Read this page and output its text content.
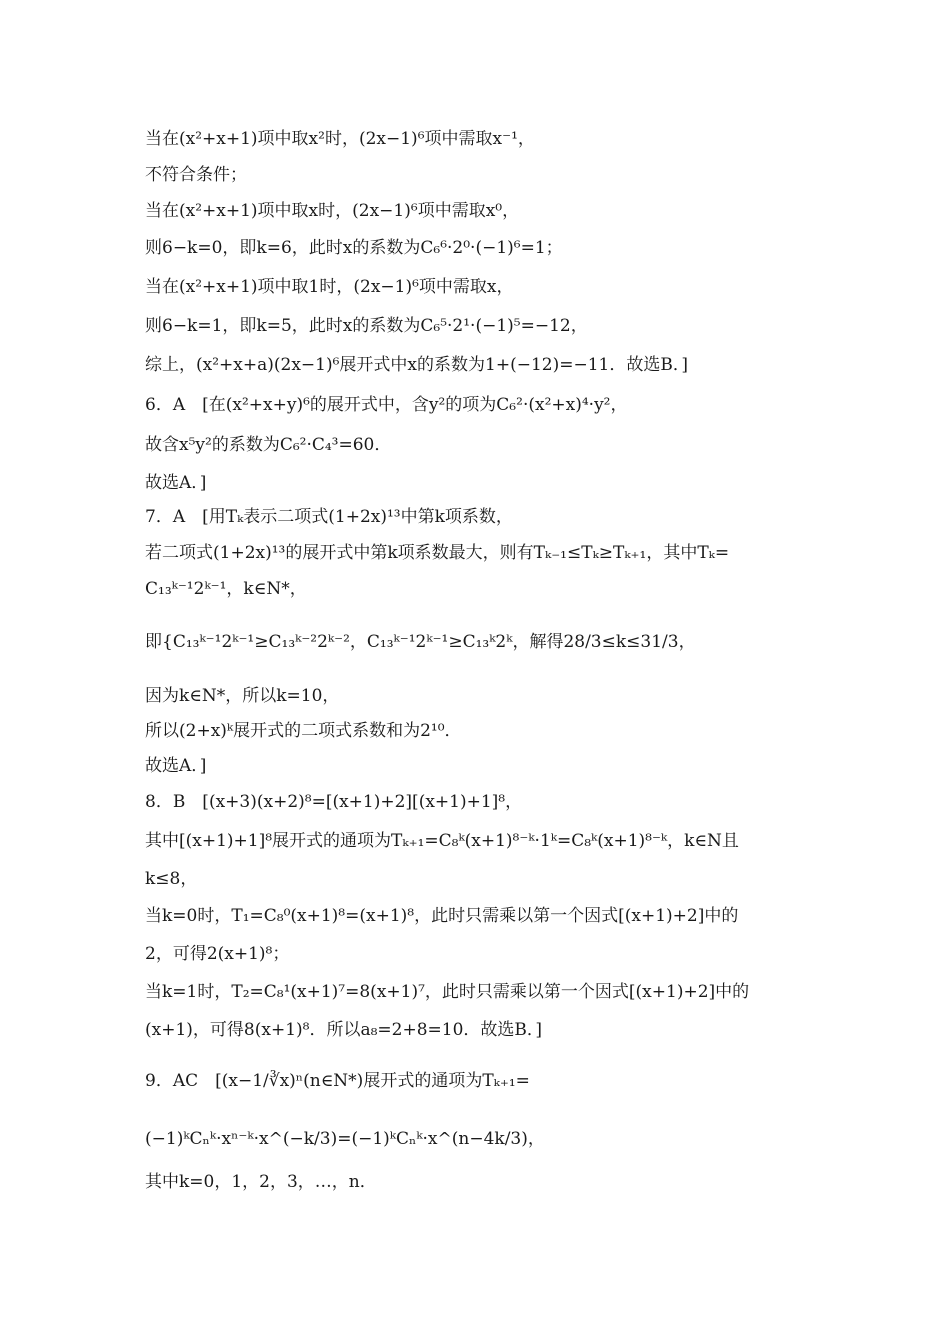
当在(x²+x+1)项中取x²时，(2x−1)⁶项中需取x⁻¹，
不符合条件；
当在(x²+x+1)项中取x时，(2x−1)⁶项中需取x⁰，
则6−k=0，即k=6，此时x的系数为C₆⁶·2⁰·(−1)⁶=1；
当在(x²+x+1)项中取1时，(2x−1)⁶项中需取x，
则6−k=1，即k=5，此时x的系数为C₆⁵·2¹·(−1)⁵=−12，
综上，(x²+x+a)(2x−1)⁶展开式中x的系数为1+(−12)=−11．故选B．]
6．A　[在(x²+x+y)⁶的展开式中，含y²的项为C₆²·(x²+x)⁴·y²，
故含x⁵y²的系数为C₆²·C₄³=60．
故选A．]
7．A　[用Tₖ表示二项式(1+2x)¹³中第k项系数，
若二项式(1+2x)¹³的展开式中第k项系数最大，则有Tₖ₋₁≤Tₖ≥Tₖ₊₁，其中Tₖ=
C₁₃ᵏ⁻¹2ᵏ⁻¹，k∈N*，
即{C₁₃ᵏ⁻¹2ᵏ⁻¹≥C₁₃ᵏ⁻²2ᵏ⁻²，C₁₃ᵏ⁻¹2ᵏ⁻¹≥C₁₃ᵏ2ᵏ，解得28/3≤k≤31/3，
因为k∈N*，所以k=10，
所以(2+x)ᵏ展开式的二项式系数和为2¹⁰．
故选A．]
8．B　[(x+3)(x+2)⁸=[(x+1)+2][(x+1)+1]⁸，
其中[(x+1)+1]⁸展开式的通项为Tₖ₊₁=C₈ᵏ(x+1)⁸⁻ᵏ·1ᵏ=C₈ᵏ(x+1)⁸⁻ᵏ，k∈N且
k≤8，
当k=0时，T₁=C₈⁰(x+1)⁸=(x+1)⁸，此时只需乘以第一个因式[(x+1)+2]中的
2，可得2(x+1)⁸；
当k=1时，T₂=C₈¹(x+1)⁷=8(x+1)⁷，此时只需乘以第一个因式[(x+1)+2]中的
(x+1)，可得8(x+1)⁸．所以a₈=2+8=10．故选B．]
9．AC　[(x−1/∛x)ⁿ(n∈N*)展开式的通项为Tₖ₊₁=
(−1)ᵏCₙᵏ·xⁿ⁻ᵏ·x^(−k/3)=(−1)ᵏCₙᵏ·x^(n−4k/3)，
其中k=0，1，2，3，…，n．
